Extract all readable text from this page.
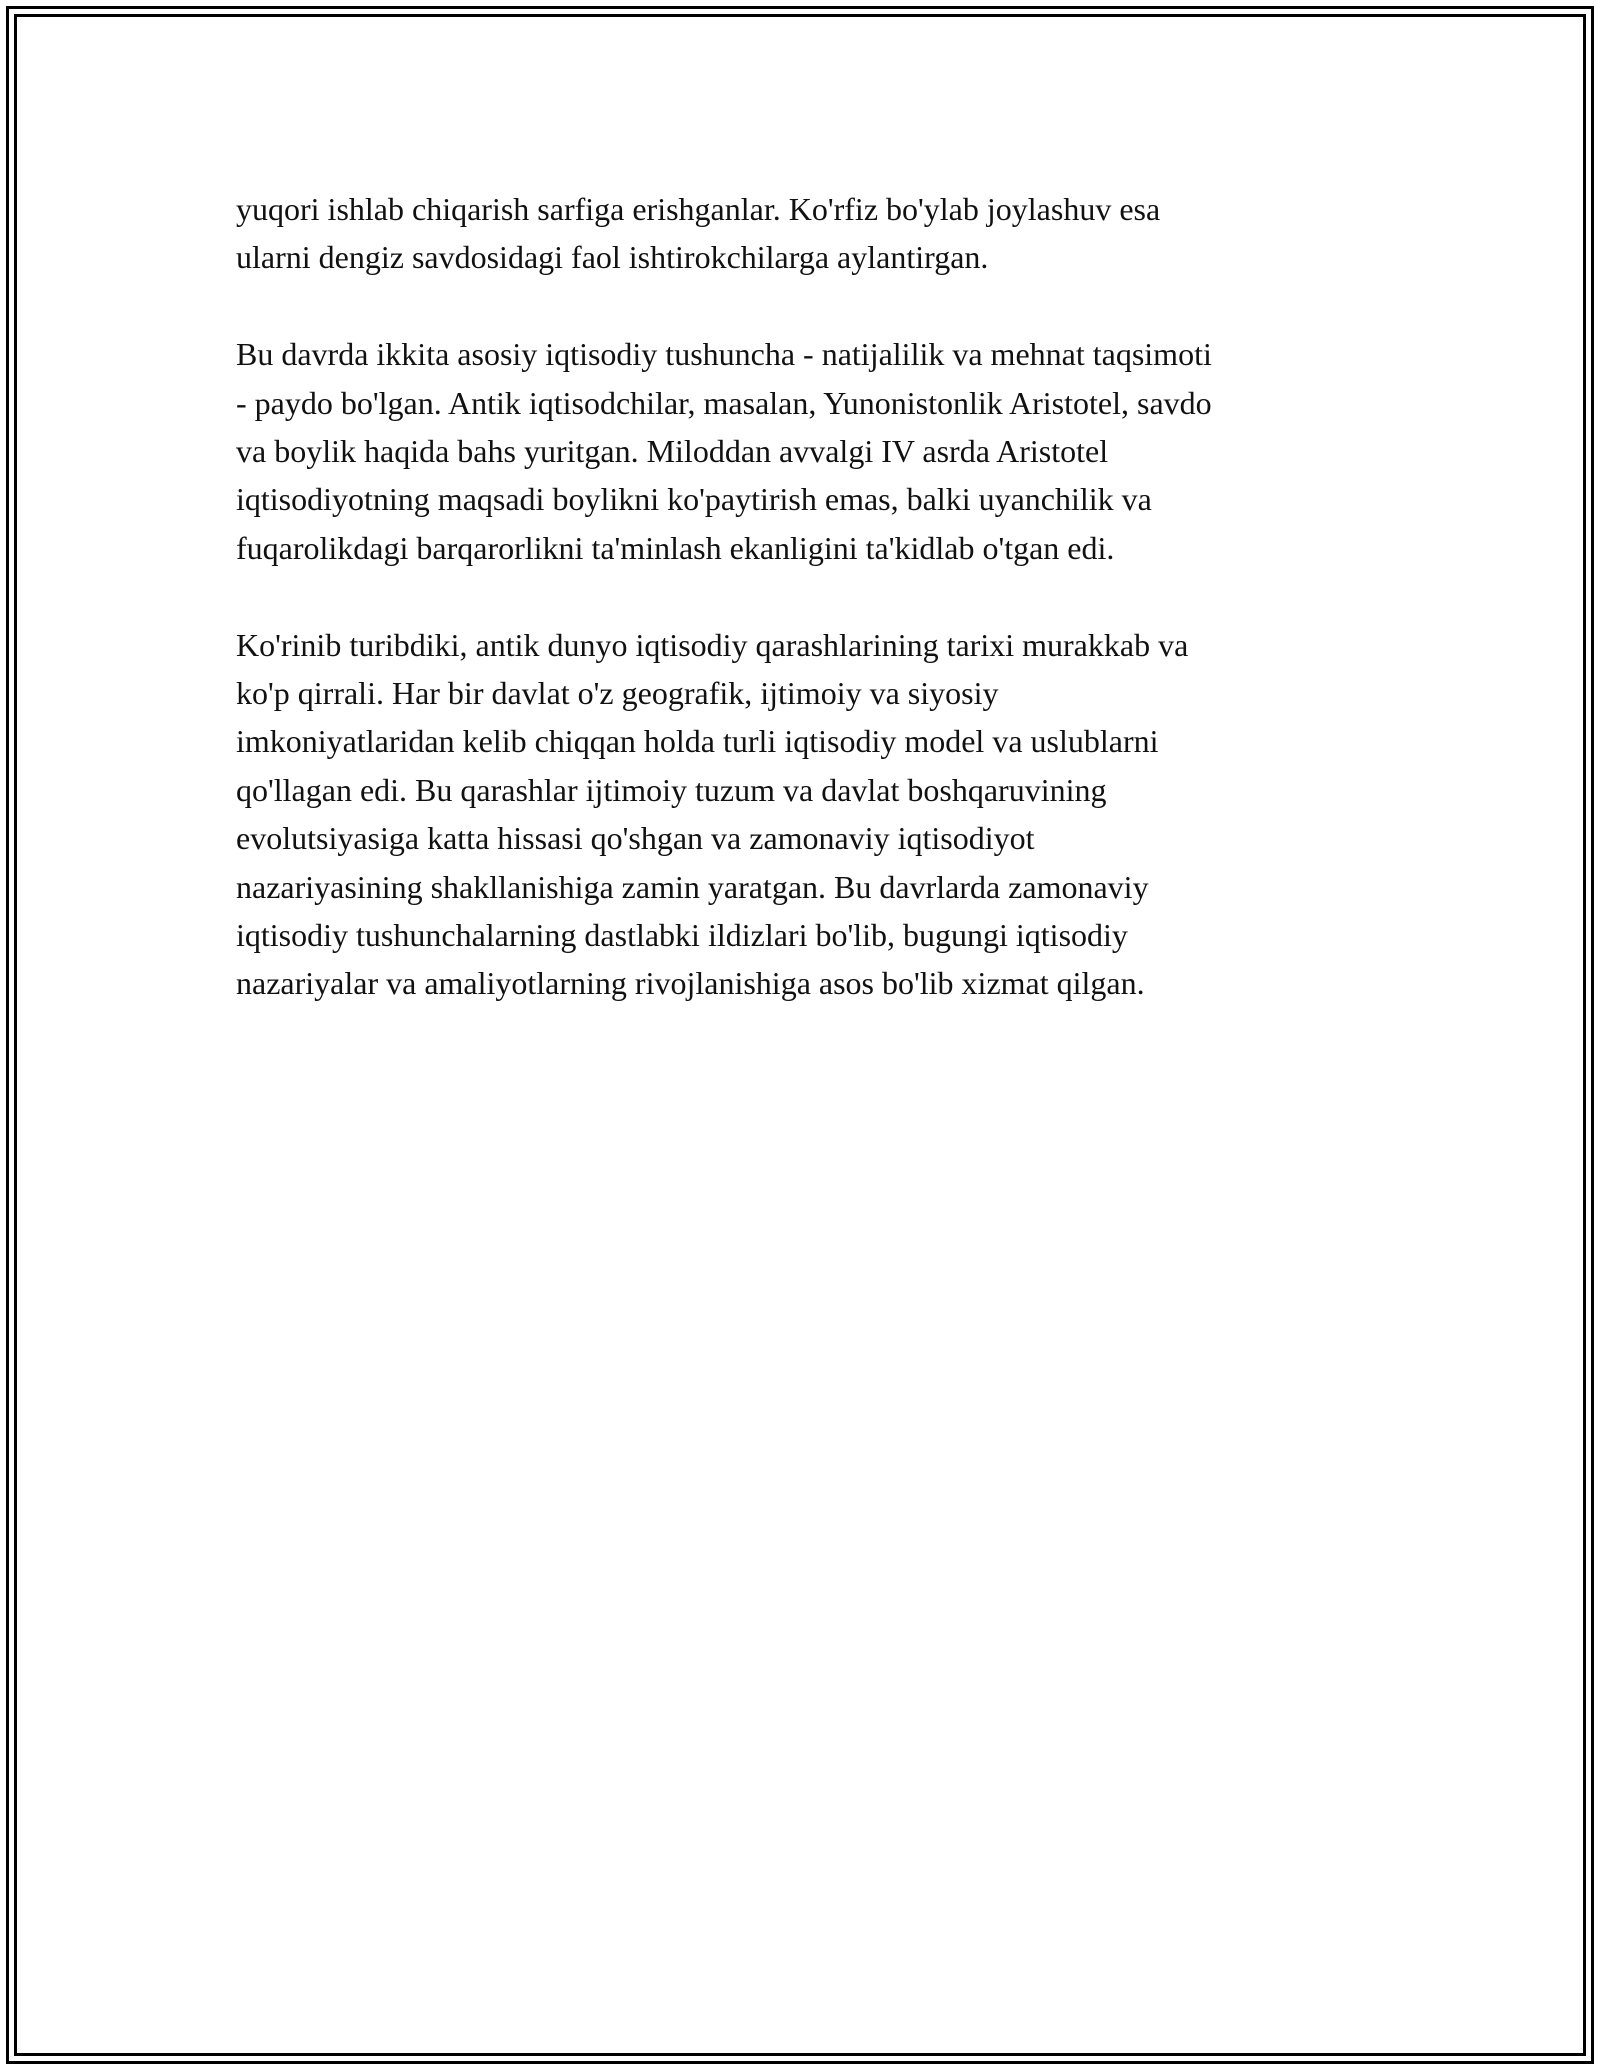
yuqori ishlab chiqarish sarfiga erishganlar. Ko'rfiz bo'ylab joylashuv esa
ularni dengiz savdosidagi faol ishtirokchilarga aylantirgan.

Bu davrda ikkita asosiy iqtisodiy tushuncha - natijalilik va mehnat taqsimoti
- paydo bo'lgan. Antik iqtisodchilar, masalan, Yunonistonlik Aristotel, savdo
va boylik haqida bahs yuritgan. Miloddan avvalgi IV asrda Aristotel
iqtisodiyotning maqsadi boylikni ko'paytirish emas, balki uyanchilik va
fuqarolikdagi barqarorlikni ta'minlash ekanligini ta'kidlab o'tgan edi.

Ko'rinib turibdiki, antik dunyo iqtisodiy qarashlarining tarixi murakkab va
ko'p qirrali. Har bir davlat o'z geografik, ijtimoiy va siyosiy
imkoniyatlaridan kelib chiqqan holda turli iqtisodiy model va uslublarni
qo'llagan edi. Bu qarashlar ijtimoiy tuzum va davlat boshqaruvining
evolutsiyasiga katta hissasi qo'shgan va zamonaviy iqtisodiyot
nazariyasining shakllanishiga zamin yaratgan. Bu davrlarda zamonaviy
iqtisodiy tushunchalarning dastlabki ildizlari bo'lib, bugungi iqtisodiy
nazariyalar va amaliyotlarning rivojlanishiga asos bo'lib xizmat qilgan.
